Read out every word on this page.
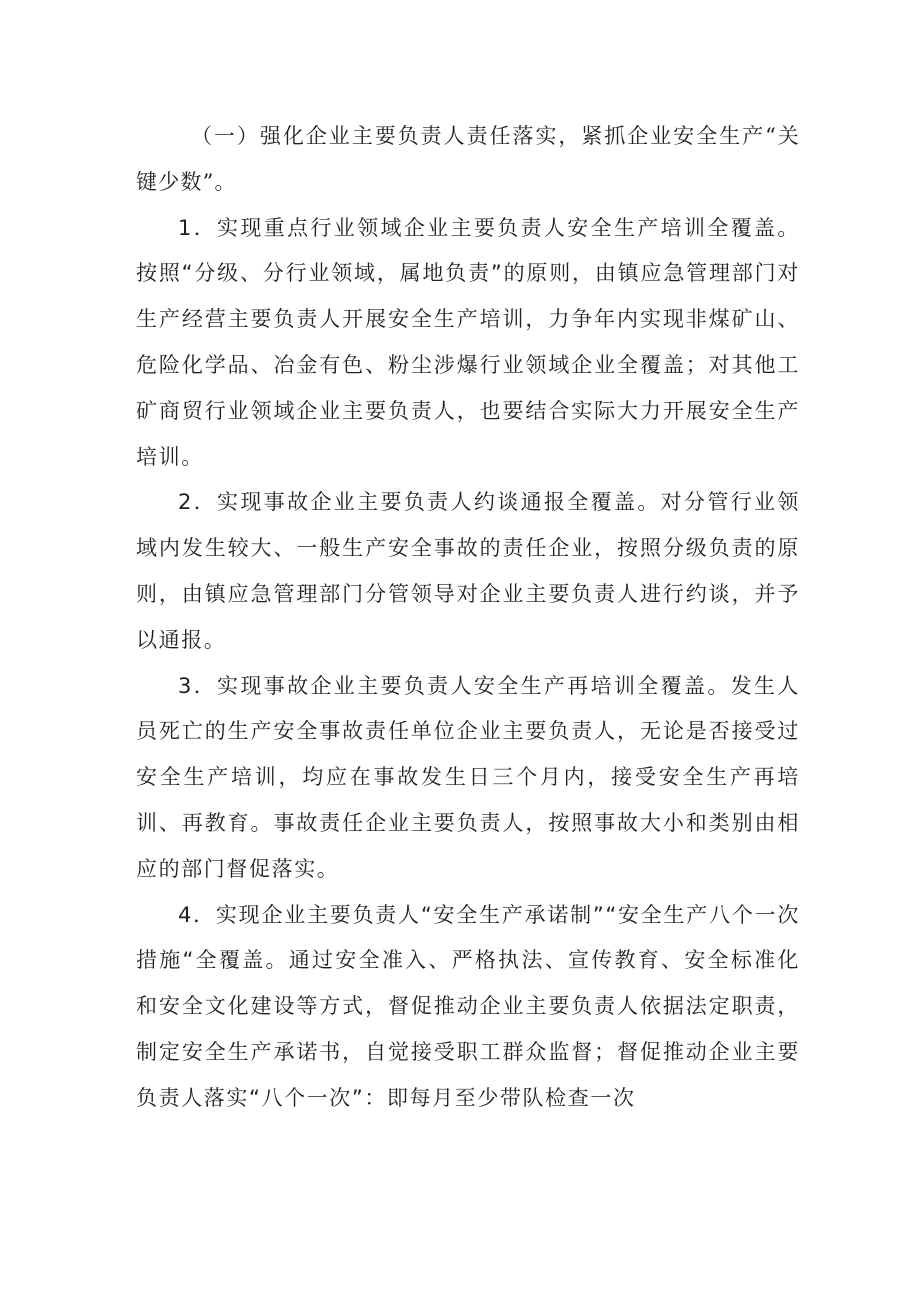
（一）强化企业主要负责人责任落实，紧抓企业安全生产“关键少数”。

1．实现重点行业领域企业主要负责人安全生产培训全覆盖。按照“分级、分行业领域，属地负责”的原则，由镇应急管理部门对生产经营主要负责人开展安全生产培训，力争年内实现非煤矿山、危险化学品、冶金有色、粉尘涉爆行业领域企业全覆盖；对其他工矿商贸行业领域企业主要负责人，也要结合实际大力开展安全生产培训。

2．实现事故企业主要负责人约谈通报全覆盖。对分管行业领域内发生较大、一般生产安全事故的责任企业，按照分级负责的原则，由镇应急管理部门分管领导对企业主要负责人进行约谈，并予以通报。

3．实现事故企业主要负责人安全生产再培训全覆盖。发生人员死亡的生产安全事故责任单位企业主要负责人，无论是否接受过安全生产培训，均应在事故发生日三个月内，接受安全生产再培训、再教育。事故责任企业主要负责人，按照事故大小和类别由相应的部门督促落实。

4．实现企业主要负责人“安全生产承诺制”“安全生产八个一次措施“全覆盖。通过安全准入、严格执法、宣传教育、安全标准化和安全文化建设等方式，督促推动企业主要负责人依据法定职责，制定安全生产承诺书，自觉接受职工群众监督；督促推动企业主要负责人落实“八个一次”：即每月至少带队检查一次
